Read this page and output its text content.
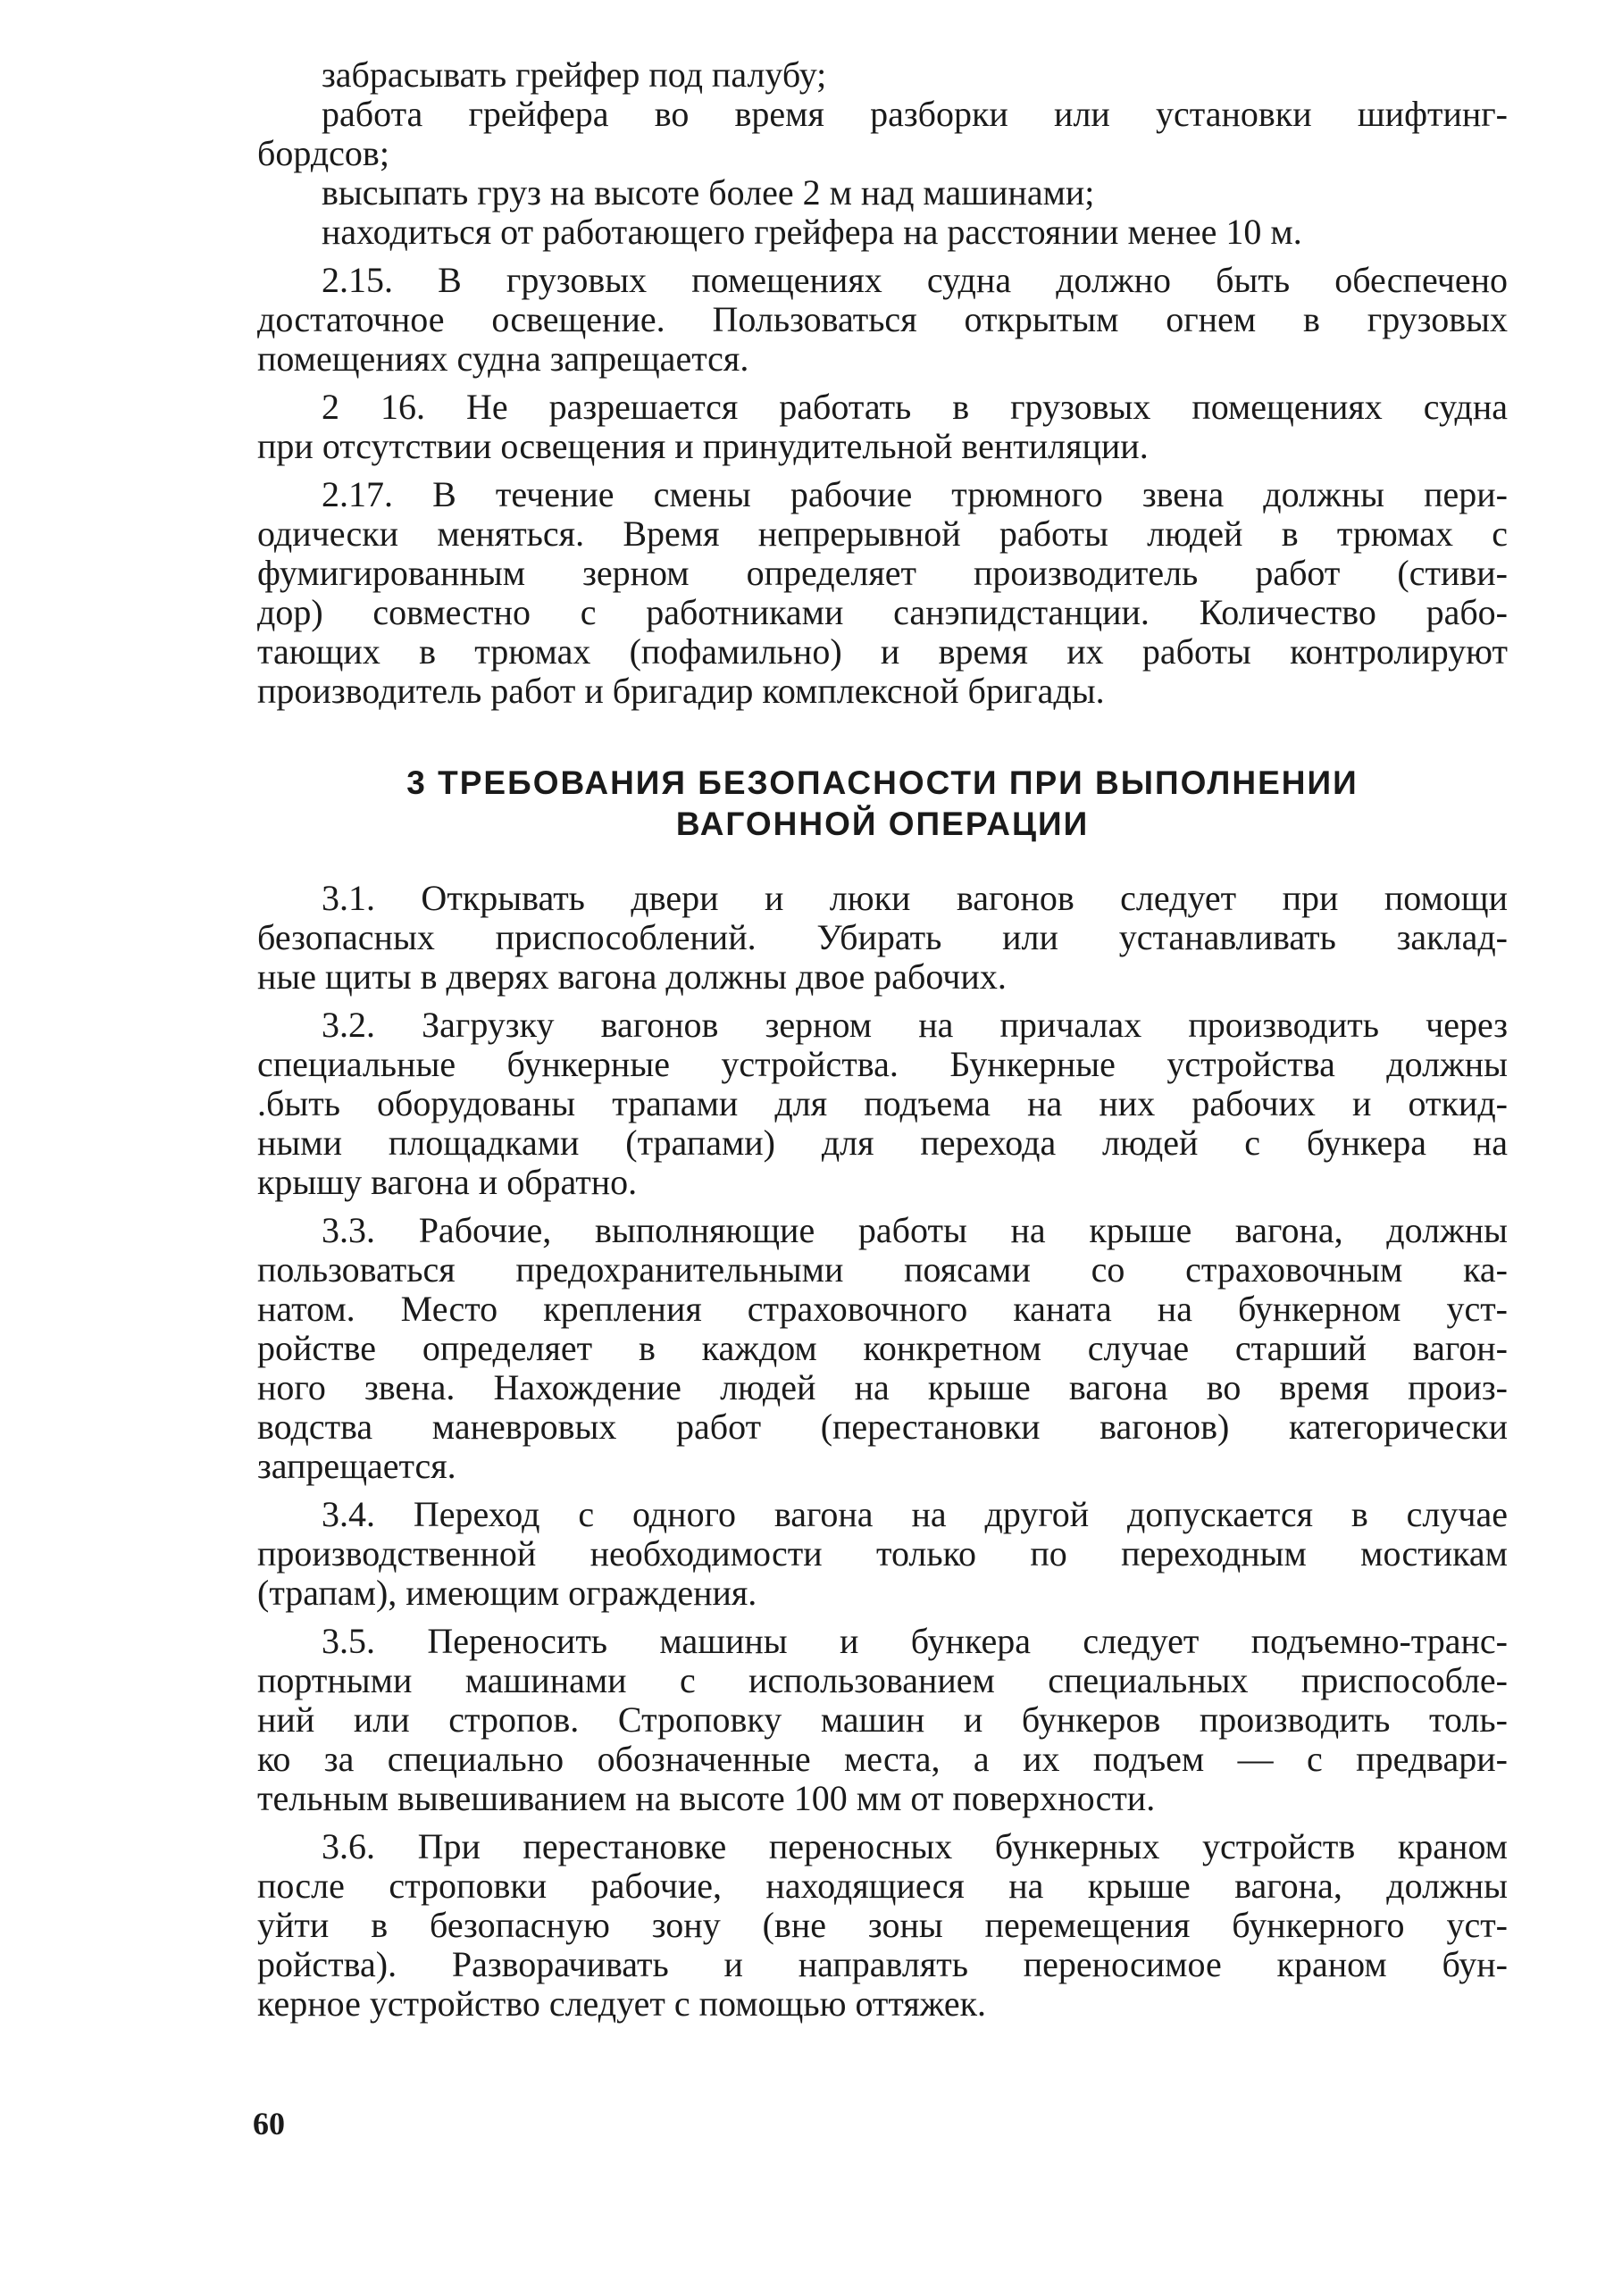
забрасывать грейфер под палубу;
работа грейфера во время разборки или установки шифтинг-
бордсов;
высыпать груз на высоте более 2 м над машинами;
находиться от работающего грейфера на расстоянии менее 10 м.
2.15. В грузовых помещениях судна должно быть обеспечено
достаточное освещение. Пользоваться открытым огнем в грузовых
помещениях судна запрещается.
2 16. Не разрешается работать в грузовых помещениях судна
при отсутствии освещения и принудительной вентиляции.
2.17. В течение смены рабочие трюмного звена должны пери-
одически меняться. Время непрерывной работы людей в трюмах с
фумигированным зерном определяет производитель работ (стиви-
дор) совместно с работниками санэпидстанции. Количество рабо-
тающих в трюмах (пофамильно) и время их работы контролируют
производитель работ и бригадир комплексной бригады.
3 ТРЕБОВАНИЯ БЕЗОПАСНОСТИ ПРИ ВЫПОЛНЕНИИ
ВАГОННОЙ ОПЕРАЦИИ
3.1. Открывать двери и люки вагонов следует при помощи
безопасных приспособлений. Убирать или устанавливать заклад-
ные щиты в дверях вагона должны двое рабочих.
3.2. Загрузку вагонов зерном на причалах производить через
специальные бункерные устройства. Бункерные устройства должны
.быть оборудованы трапами для подъема на них рабочих и откид-
ными площадками (трапами) для перехода людей с бункера на
крышу вагона и обратно.
3.3. Рабочие, выполняющие работы на крыше вагона, должны
пользоваться предохранительными поясами со страховочным ка-
натом. Место крепления страховочного каната на бункерном уст-
ройстве определяет в каждом конкретном случае старший вагон-
ного звена. Нахождение людей на крыше вагона во время произ-
водства маневровых работ (перестановки вагонов) категорически
запрещается.
3.4. Переход с одного вагона на другой допускается в случае
производственной необходимости только по переходным мостикам
(трапам), имеющим ограждения.
3.5. Переносить машины и бункера следует подъемно-транс-
портными машинами с использованием специальных приспособле-
ний или стропов. Строповку машин и бункеров производить толь-
ко за специально обозначенные места, а их подъем — с предвари-
тельным вывешиванием на высоте 100 мм от поверхности.
3.6. При перестановке переносных бункерных устройств краном
после строповки рабочие, находящиеся на крыше вагона, должны
уйти в безопасную зону (вне зоны перемещения бункерного уст-
ройства). Разворачивать и направлять переносимое краном бун-
керное устройство следует с помощью оттяжек.
60
